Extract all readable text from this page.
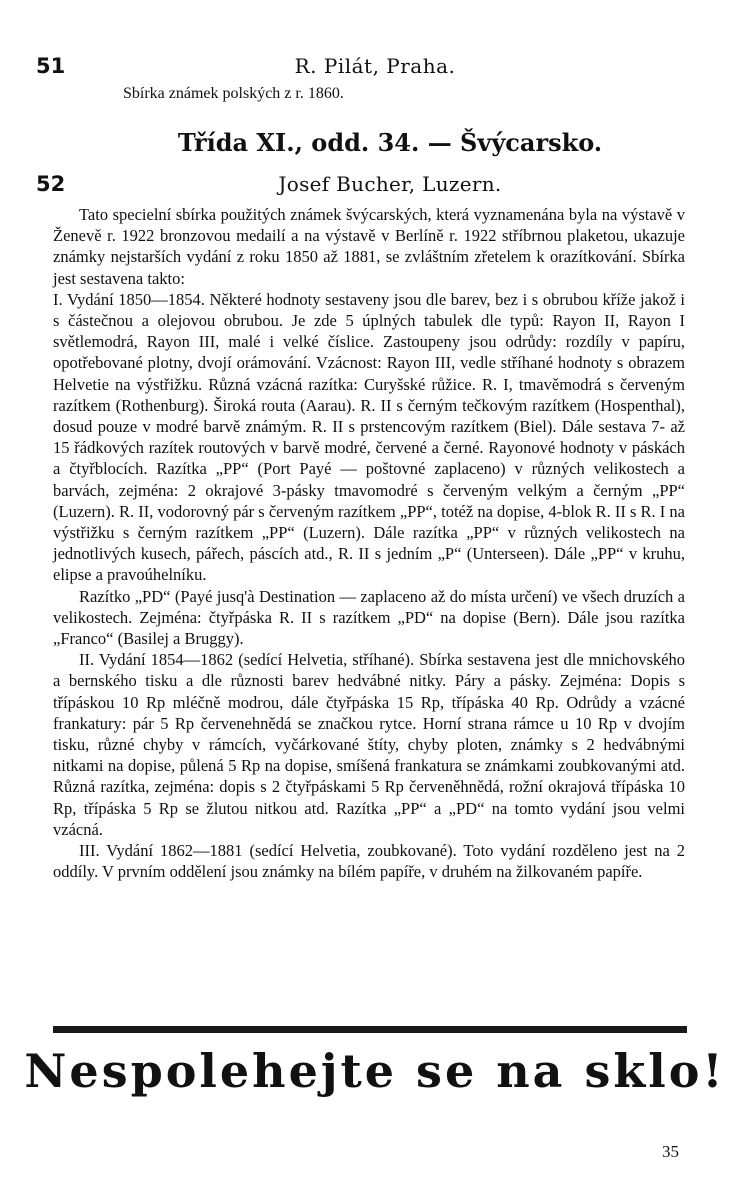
51	R. Pilát, Praha.
Sbírka známek polských z r. 1860.
Třída XI., odd. 34. — Švýcarsko.
52	Josef Bucher, Luzern.

Tato specielní sbírka použitých známek švýcarských, která vyznamenána byla na výstavě v Ženevě r. 1922 bronzovou medailí a na výstavě v Berlíně r. 1922 stříbrnou plaketou, ukazuje známky nejstarších vydání z roku 1850 až 1881, se zvláštním zřetelem k orazítkování. Sbírka jest sestavena takto:

I. Vydání 1850—1854. Některé hodnoty sestaveny jsou dle barev, bez i s obrubou kříže jakož i s částečnou a olejovou obrubou. Je zde 5 úplných tabulek dle typů: Rayon II, Rayon I světlemodrá, Rayon III, malé i velké číslice. Zastoupeny jsou odrůdy: rozdíly v papíru, opotřebované plotny, dvojí orámování. Vzácnost: Rayon III, vedle stříhané hodnoty s obrazem Helvetie na výstřižku. Různá vzácná razítka: Curyšské růžice. R. I, tmavěmodrá s červeným razítkem (Rothenburg). Široká routa (Aarau). R. II s černým tečkovým razítkem (Hospenthal), dosud pouze v modré barvě známým. R. II s prstencovým razítkem (Biel). Dále sestava 7- až 15 řádkových razítek routových v barvě modré, červené a černé. Rayonové hodnoty v páskách a čtyřblocích. Razítka „PP“ (Port Payé — poštovné zaplaceno) v různých velikostech a barvách, zejména: 2 okrajové 3-pásky tmavomodré s červeným velkým a černým „PP“ (Luzern). R. II, vodorovný pár s červeným razítkem „PP“, totéž na dopise, 4-blok R. II s R. I na výstřižku s černým razítkem „PP“ (Luzern). Dále razítka „PP“ v různých velikostech na jednotlivých kusech, pářech, páscích atd., R. II s jedním „P“ (Unterseen). Dále „PP“ v kruhu, elipse a pravoúhelníku.

Razítko „PD“ (Payé jusq'à Destination — zaplaceno až do místa určení) ve všech druzích a velikostech. Zejména: čtyřpáska R. II s razítkem „PD“ na dopise (Bern). Dále jsou razítka „Franco“ (Basilej a Bruggy).

II. Vydání 1854—1862 (sedící Helvetia, stříhané). Sbírka sestavena jest dle mnichovského a bernského tisku a dle různosti barev hedvábné nitky. Páry a pásky. Zejména: Dopis s třípáskou 10 Rp mléčně modrou, dále čtyřpáska 15 Rp, třípáska 40 Rp. Odrůdy a vzácné frankatury: pár 5 Rp červenehnědá se značkou rytce. Horní strana rámce u 10 Rp v dvojím tisku, různé chyby v rámcích, vyčárkované štíty, chyby ploten, známky s 2 hedvábnými nitkami na dopise, půlená 5 Rp na dopise, smíšená frankatura se známkami zoubkovanými atd. Různá razítka, zejména: dopis s 2 čtyřpáskami 5 Rp červeněhnědá, rožní okrajová třípáska 10 Rp, třípáska 5 Rp se žlutou nitkou atd. Razítka „PP“ a „PD“ na tomto vydání jsou velmi vzácná.

III. Vydání 1862—1881 (sedící Helvetia, zoubkované). Toto vydání rozděleno jest na 2 oddíly. V prvním oddělení jsou známky na bílém papíře, v druhém na žilkovaném papíře.

Nespolehejte se na sklo!
35
